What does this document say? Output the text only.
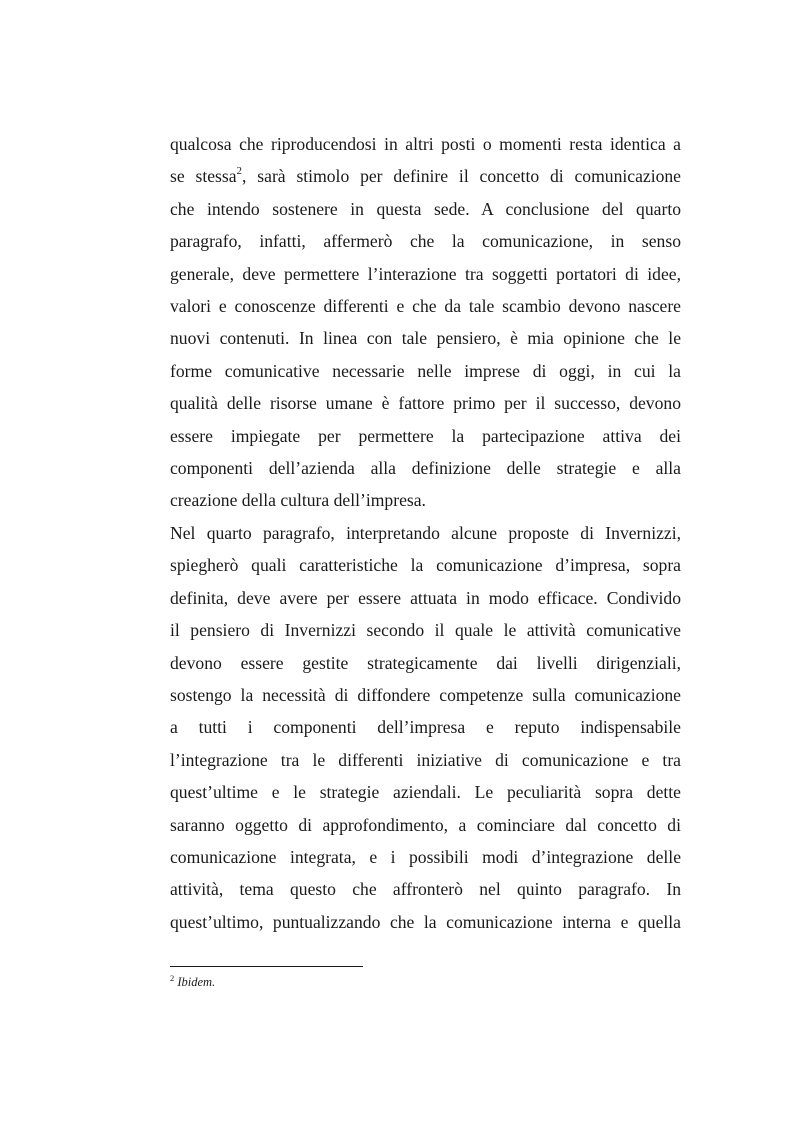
qualcosa che riproducendosi in altri posti o momenti resta identica a

se stessa$^2$, sarà stimolo per definire il concetto di comunicazione

che intendo sostenere in questa sede. A conclusione del quarto

paragrafo, infatti, affermerò che la comunicazione, in senso

generale, deve permettere l’interazione tra soggetti portatori di idee,

valori e conoscenze differenti e che da tale scambio devono nascere

nuovi contenuti. In linea con tale pensiero, è mia opinione che le

forme comunicative necessarie nelle imprese di oggi, in cui la

qualità delle risorse umane è fattore primo per il successo, devono

essere impiegate per permettere la partecipazione attiva dei

componenti dell’azienda alla definizione delle strategie e alla

creazione della cultura dell’impresa.

Nel quarto paragrafo, interpretando alcune proposte di Invernizzi,

spiegherò quali caratteristiche la comunicazione d’impresa, sopra

definita, deve avere per essere attuata in modo efficace. Condivido

il pensiero di Invernizzi secondo il quale le attività comunicative

devono essere gestite strategicamente dai livelli dirigenziali,

sostengo la necessità di diffondere competenze sulla comunicazione

a tutti i componenti dell’impresa e reputo indispensabile

l’integrazione tra le differenti iniziative di comunicazione e tra

quest’ultime e le strategie aziendali. Le peculiarità sopra dette

saranno oggetto di approfondimento, a cominciare dal concetto di

comunicazione integrata, e i possibili modi d’integrazione delle

attività, tema questo che affronterò nel quinto paragrafo. In

quest’ultimo, puntualizzando che la comunicazione interna e quella

$^2$ Ibidem.
